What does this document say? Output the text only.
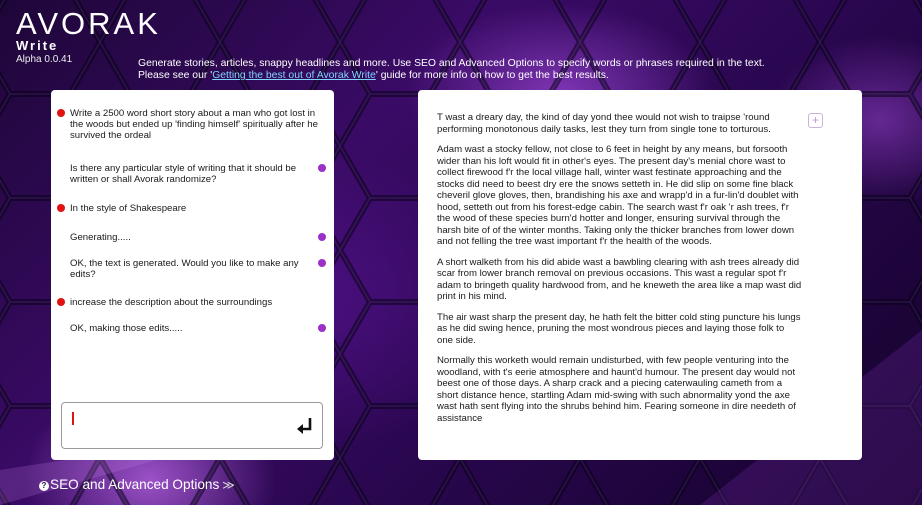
AVORAK
Write
Alpha 0.0.41	Generate stories, articles, snappy headlines and more. Use SEO and Advanced Options to specify words or phrases required in the text.
Please see our 'Getting the best out of Avorak Write' guide for more info on how to get the best results.
Write a 2500 word short story about a man who got lost in the woods but ended up 'finding himself' spiritually after he survived the ordeal
Is there any particular style of writing that it should be written or shall Avorak randomize?
In the style of Shakespeare
Generating.....
OK, the text is generated. Would you like to make any edits?
increase the description about the surroundings
OK, making those edits.....

T wast a dreary day, the kind of day yond thee would not wish to traipse 'round performing monotonous daily tasks, lest they turn from single tone to torturous.

Adam wast a stocky fellow, not close to 6 feet in height by any means, but forsooth wider than his loft would fit in other's eyes. The present day's menial chore wast to collect firewood f'r the local village hall, winter wast festinate approaching and the stocks did need to beest dry ere the snows setteth in. He did slip on some fine black cheveril glove gloves, then, brandishing his axe and wrapp'd in a fur-lin'd doublet with hood, setteth out from his forest-edge cabin. The search wast f'r oak 'r ash trees, f'r the wood of these species burn'd hotter and longer, ensuring survival through the harsh bite of of the winter months. Taking only the thicker branches from lower down and not felling the tree wast important f'r the health of the woods.

A short walketh from his did abide wast a bawbling clearing with ash trees already did scar from lower branch removal on previous occasions. This wast a regular spot f'r adam to bringeth quality hardwood from, and he kneweth the area like a map wast did print in his mind.

The air wast sharp the present day, he hath felt the bitter cold sting puncture his lungs as he did swing hence, pruning the most wondrous pieces and laying those folk to one side.

Normally this worketh would remain undisturbed, with few people venturing into the woodland, with t's eerie atmosphere and haunt'd humour. The present day would not beest one of those days. A sharp crack and a piecing caterwauling cameth from a short distance hence, startling Adam mid-swing with such abnormality yond the axe wast hath sent flying into the shrubs behind him. Fearing someone in dire needeth of assistance

+
? SEO and Advanced Options ≫
